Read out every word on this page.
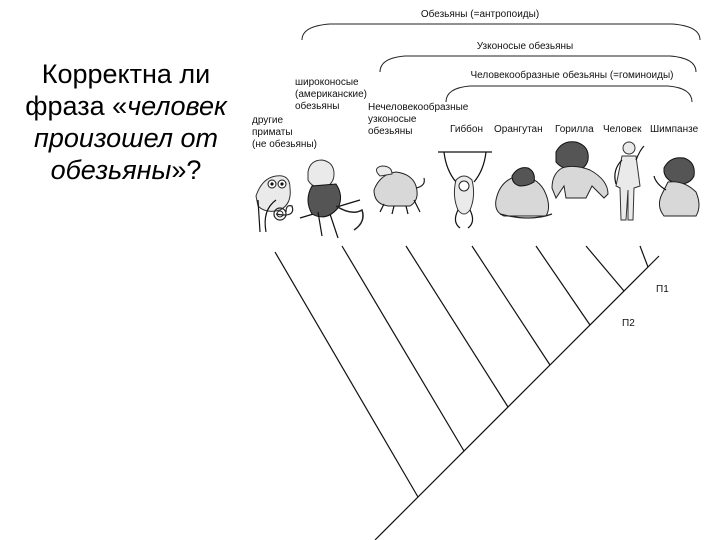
Корректна ли
фраза «человек
произошел от
обезьяны»?
Обезьяны (=антропоиды)
Узконосые обезьяны
Человекообразные обезьяны (=гоминоиды)
другие
приматы
(не обезьяны)
широконосые
(американские)
обезьяны	Нечеловекообразные
узконосые
обезьяны	Гиббон Орангутан Горилла Человек Шимпанзе
П1
П2
